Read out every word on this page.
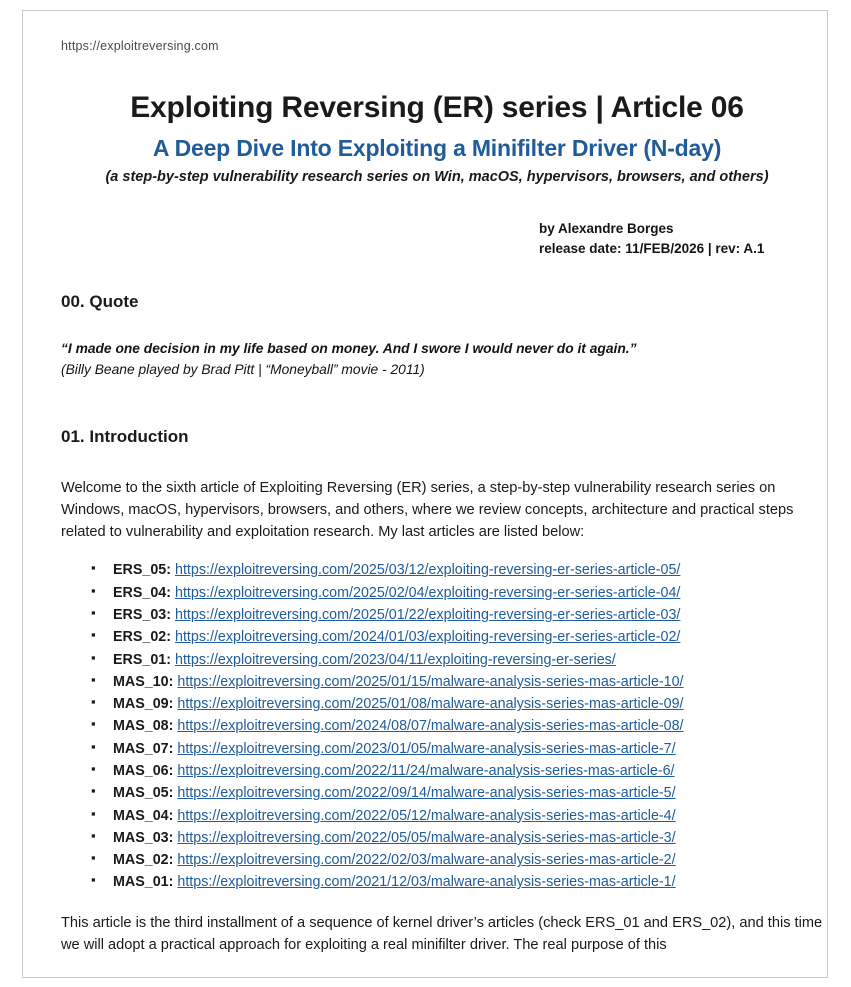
https://exploitreversing.com
Exploiting Reversing (ER) series | Article 06
A Deep Dive Into Exploiting a Minifilter Driver (N-day)
(a step-by-step vulnerability research series on Win, macOS, hypervisors, browsers, and others)
by Alexandre Borges
release date: 11/FEB/2026 | rev: A.1
00. Quote
“I made one decision in my life based on money. And I swore I would never do it again.”
(Billy Beane played by Brad Pitt | “Moneyball” movie - 2011)
01. Introduction
Welcome to the sixth article of Exploiting Reversing (ER) series, a step-by-step vulnerability research series on Windows, macOS, hypervisors, browsers, and others, where we review concepts, architecture and practical steps related to vulnerability and exploitation research. My last articles are listed below:
▪ ERS_05: https://exploitreversing.com/2025/03/12/exploiting-reversing-er-series-article-05/
▪ ERS_04: https://exploitreversing.com/2025/02/04/exploiting-reversing-er-series-article-04/
▪ ERS_03: https://exploitreversing.com/2025/01/22/exploiting-reversing-er-series-article-03/
▪ ERS_02: https://exploitreversing.com/2024/01/03/exploiting-reversing-er-series-article-02/
▪ ERS_01: https://exploitreversing.com/2023/04/11/exploiting-reversing-er-series/
▪ MAS_10: https://exploitreversing.com/2025/01/15/malware-analysis-series-mas-article-10/
▪ MAS_09: https://exploitreversing.com/2025/01/08/malware-analysis-series-mas-article-09/
▪ MAS_08: https://exploitreversing.com/2024/08/07/malware-analysis-series-mas-article-08/
▪ MAS_07: https://exploitreversing.com/2023/01/05/malware-analysis-series-mas-article-7/
▪ MAS_06: https://exploitreversing.com/2022/11/24/malware-analysis-series-mas-article-6/
▪ MAS_05: https://exploitreversing.com/2022/09/14/malware-analysis-series-mas-article-5/
▪ MAS_04: https://exploitreversing.com/2022/05/12/malware-analysis-series-mas-article-4/
▪ MAS_03: https://exploitreversing.com/2022/05/05/malware-analysis-series-mas-article-3/
▪ MAS_02: https://exploitreversing.com/2022/02/03/malware-analysis-series-mas-article-2/
▪ MAS_01: https://exploitreversing.com/2021/12/03/malware-analysis-series-mas-article-1/
This article is the third installment of a sequence of kernel driver’s articles (check ERS_01 and ERS_02), and this time we will adopt a practical approach for exploiting a real minifilter driver. The real purpose of this
